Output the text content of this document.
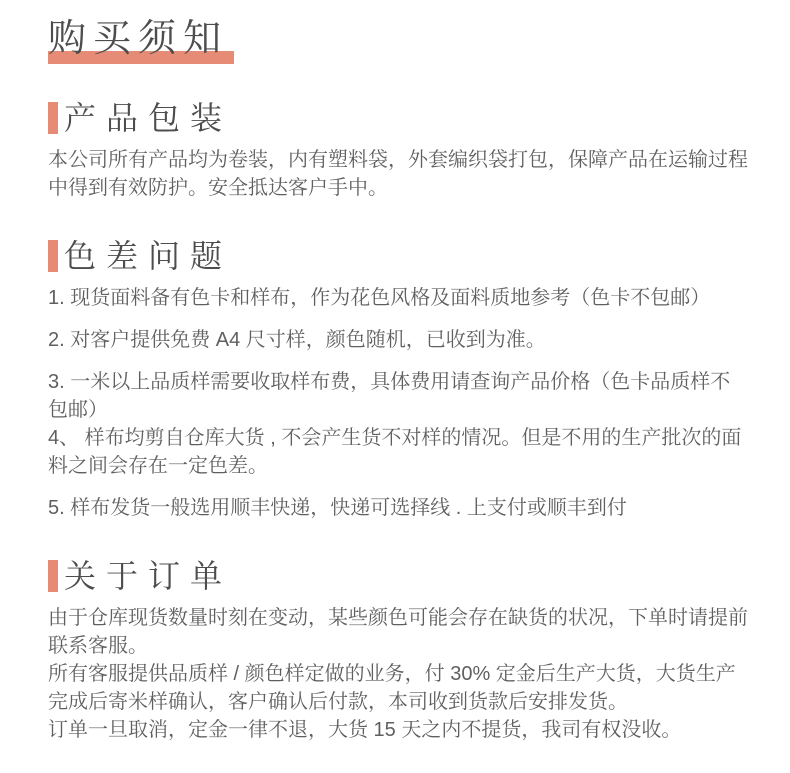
购买须知
产品包装

本公司所有产品均为卷装，内有塑料袋，外套编织袋打包，保障产品在运输过程中得到有效防护。安全抵达客户手中。

色差问题

1. 现货面料备有色卡和样布，作为花色风格及面料质地参考（色卡不包邮）

2. 对客户提供免费 A4 尺寸样，颜色随机，已收到为准。

3. 一米以上品质样需要收取样布费，具体费用请查询产品价格（色卡品质样不包邮）

4、 样布均剪自仓库大货 , 不会产生货不对样的情况。但是不用的生产批次的面料之间会存在一定色差。

5. 样布发货一般选用顺丰快递，快递可选择线 . 上支付或顺丰到付

关于订单

由于仓库现货数量时刻在变动，某些颜色可能会存在缺货的状况，下单时请提前联系客服。

所有客服提供品质样 / 颜色样定做的业务，付 30% 定金后生产大货，大货生产完成后寄米样确认，客户确认后付款，本司收到货款后安排发货。

订单一旦取消，定金一律不退，大货 15 天之内不提货，我司有权没收。
